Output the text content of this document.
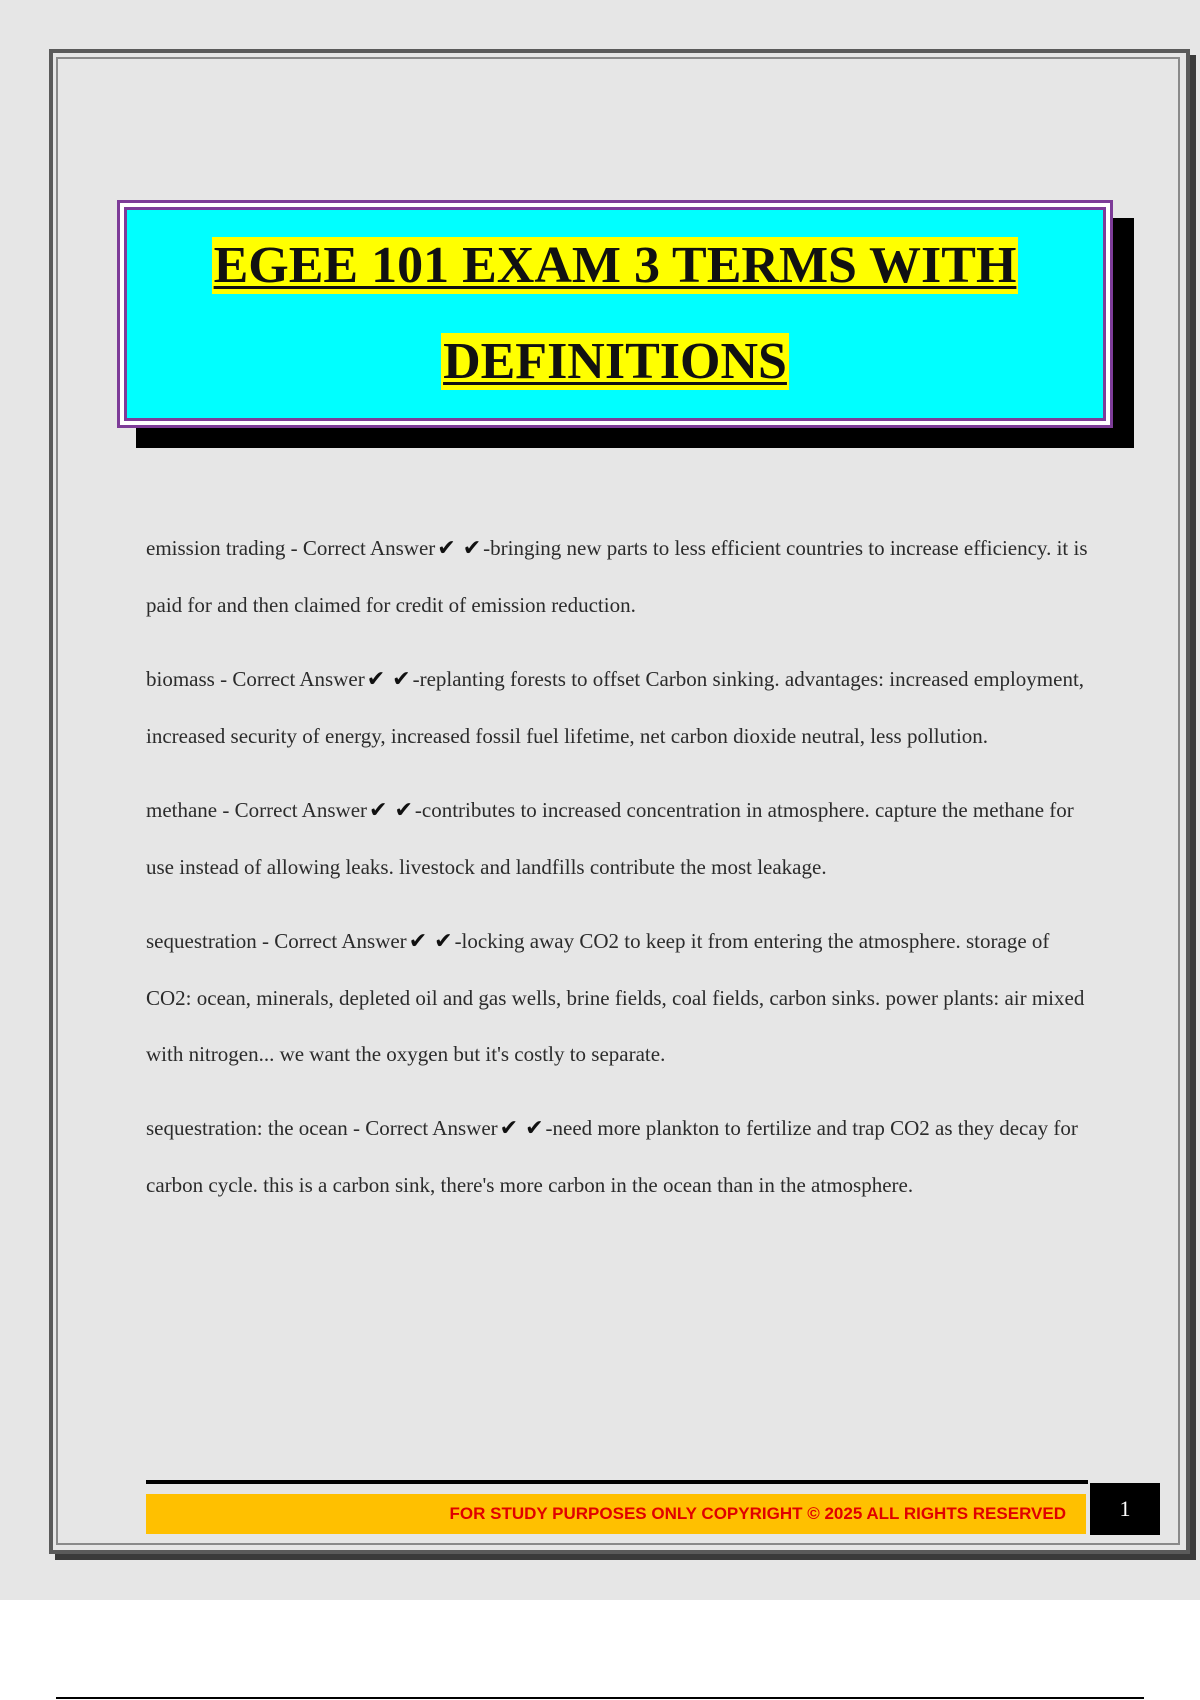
EGEE 101 EXAM 3 TERMS WITH
DEFINITIONS
emission trading - Correct Answer✔ ✔-bringing new parts to less efficient countries to increase efficiency. it is paid for and then claimed for credit of emission reduction.
biomass - Correct Answer✔ ✔-replanting forests to offset Carbon sinking. advantages: increased employment, increased security of energy, increased fossil fuel lifetime, net carbon dioxide neutral, less pollution.
methane - Correct Answer✔ ✔-contributes to increased concentration in atmosphere. capture the methane for use instead of allowing leaks. livestock and landfills contribute the most leakage.
sequestration - Correct Answer✔ ✔-locking away CO2 to keep it from entering the atmosphere. storage of CO2: ocean, minerals, depleted oil and gas wells, brine fields, coal fields, carbon sinks. power plants: air mixed with nitrogen... we want the oxygen but it's costly to separate.
sequestration: the ocean - Correct Answer✔ ✔-need more plankton to fertilize and trap CO2 as they decay for carbon cycle. this is a carbon sink, there's more carbon in the ocean than in the atmosphere.
FOR STUDY PURPOSES ONLY COPYRIGHT © 2025 ALL RIGHTS RESERVED	1
